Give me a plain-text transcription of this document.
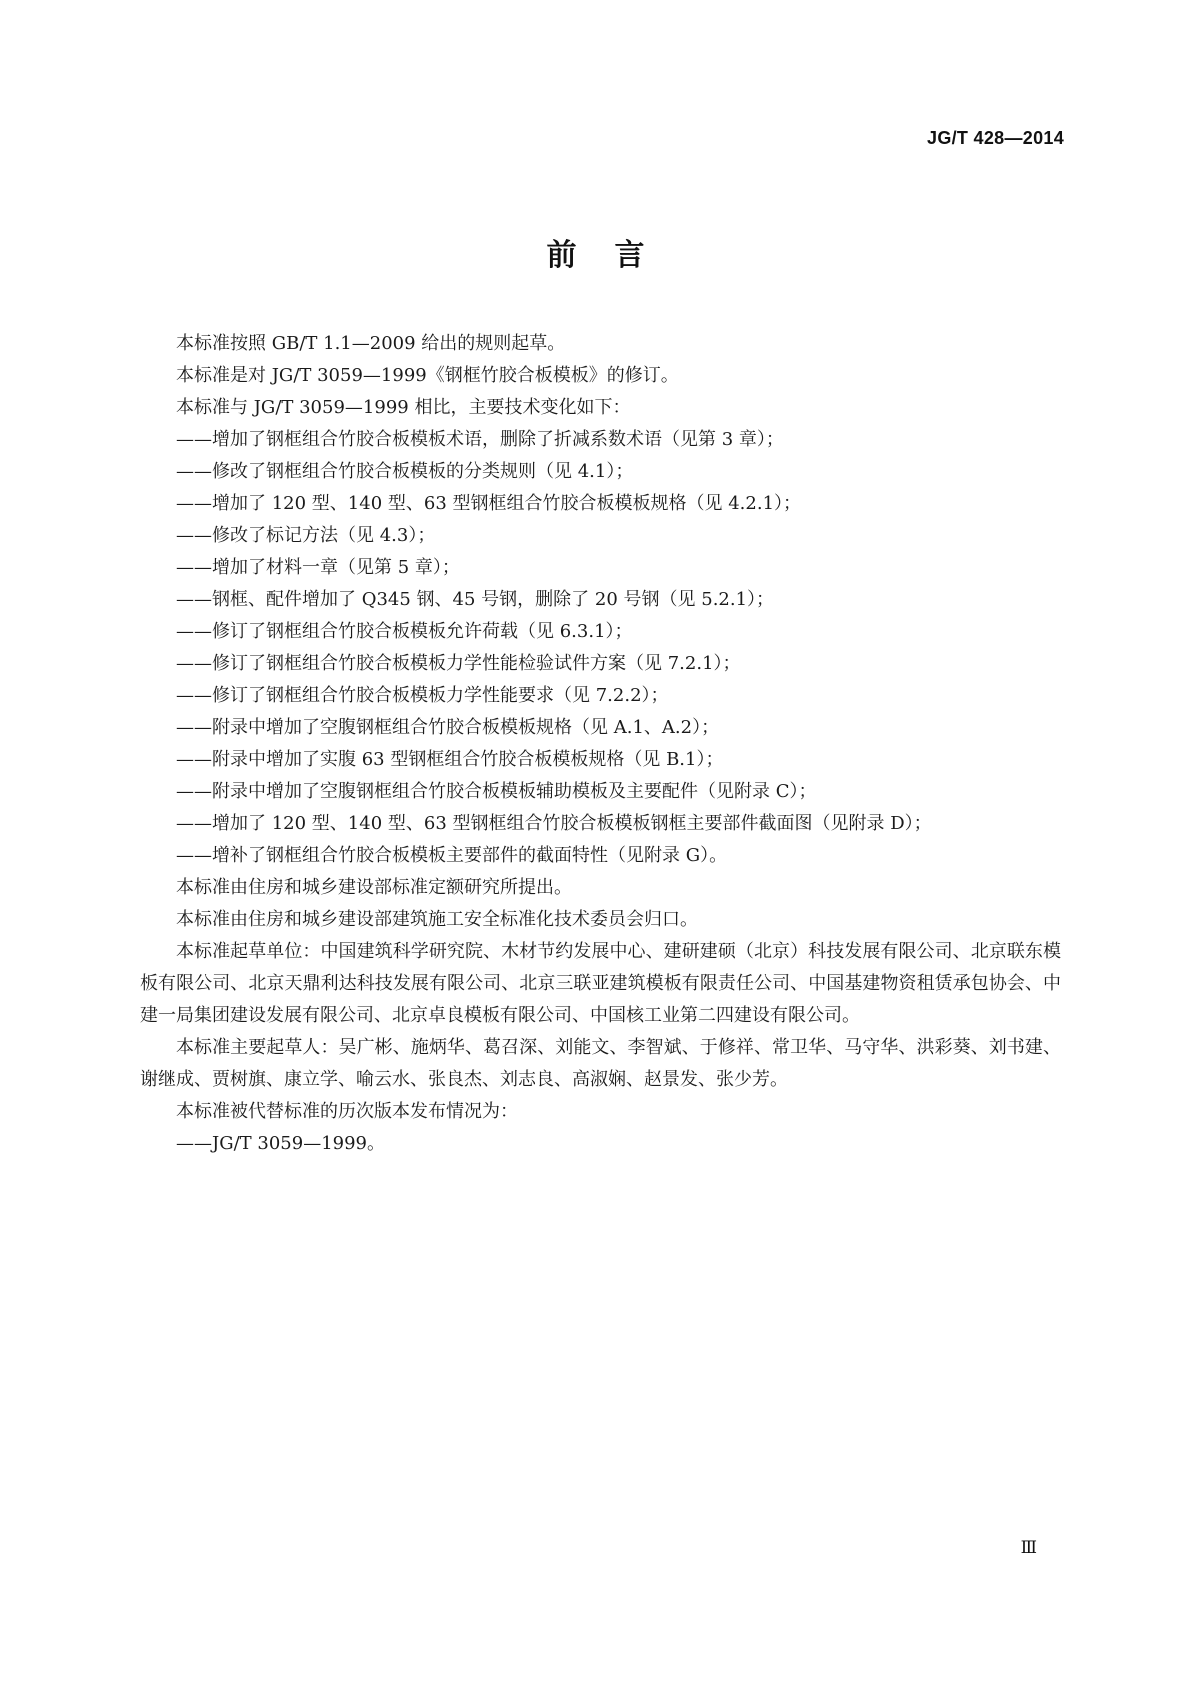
JG/T 428—2014
前言

本标准按照 GB/T 1.1—2009 给出的规则起草。

本标准是对 JG/T 3059—1999《钢框竹胶合板模板》的修订。

本标准与 JG/T 3059—1999 相比，主要技术变化如下：

——增加了钢框组合竹胶合板模板术语，删除了折减系数术语（见第 3 章）；

——修改了钢框组合竹胶合板模板的分类规则（见 4.1）；

——增加了 120 型、140 型、63 型钢框组合竹胶合板模板规格（见 4.2.1）；

——修改了标记方法（见 4.3）；

——增加了材料一章（见第 5 章）；

——钢框、配件增加了 Q345 钢、45 号钢，删除了 20 号钢（见 5.2.1）；

——修订了钢框组合竹胶合板模板允许荷载（见 6.3.1）；

——修订了钢框组合竹胶合板模板力学性能检验试件方案（见 7.2.1）；

——修订了钢框组合竹胶合板模板力学性能要求（见 7.2.2）；

——附录中增加了空腹钢框组合竹胶合板模板规格（见 A.1、A.2）；

——附录中增加了实腹 63 型钢框组合竹胶合板模板规格（见 B.1）；

——附录中增加了空腹钢框组合竹胶合板模板辅助模板及主要配件（见附录 C）；

——增加了 120 型、140 型、63 型钢框组合竹胶合板模板钢框主要部件截面图（见附录 D）；

——增补了钢框组合竹胶合板模板主要部件的截面特性（见附录 G）。

本标准由住房和城乡建设部标准定额研究所提出。

本标准由住房和城乡建设部建筑施工安全标准化技术委员会归口。

本标准起草单位：中国建筑科学研究院、木材节约发展中心、建研建硕（北京）科技发展有限公司、北京联东模板有限公司、北京天鼎利达科技发展有限公司、北京三联亚建筑模板有限责任公司、中国基建物资租赁承包协会、中建一局集团建设发展有限公司、北京卓良模板有限公司、中国核工业第二四建设有限公司。

本标准主要起草人：吴广彬、施炳华、葛召深、刘能文、李智斌、于修祥、常卫华、马守华、洪彩葵、刘书建、谢继成、贾树旗、康立学、喻云水、张良杰、刘志良、高淑娴、赵景发、张少芳。

本标准被代替标准的历次版本发布情况为：

——JG/T 3059—1999。

Ⅲ
